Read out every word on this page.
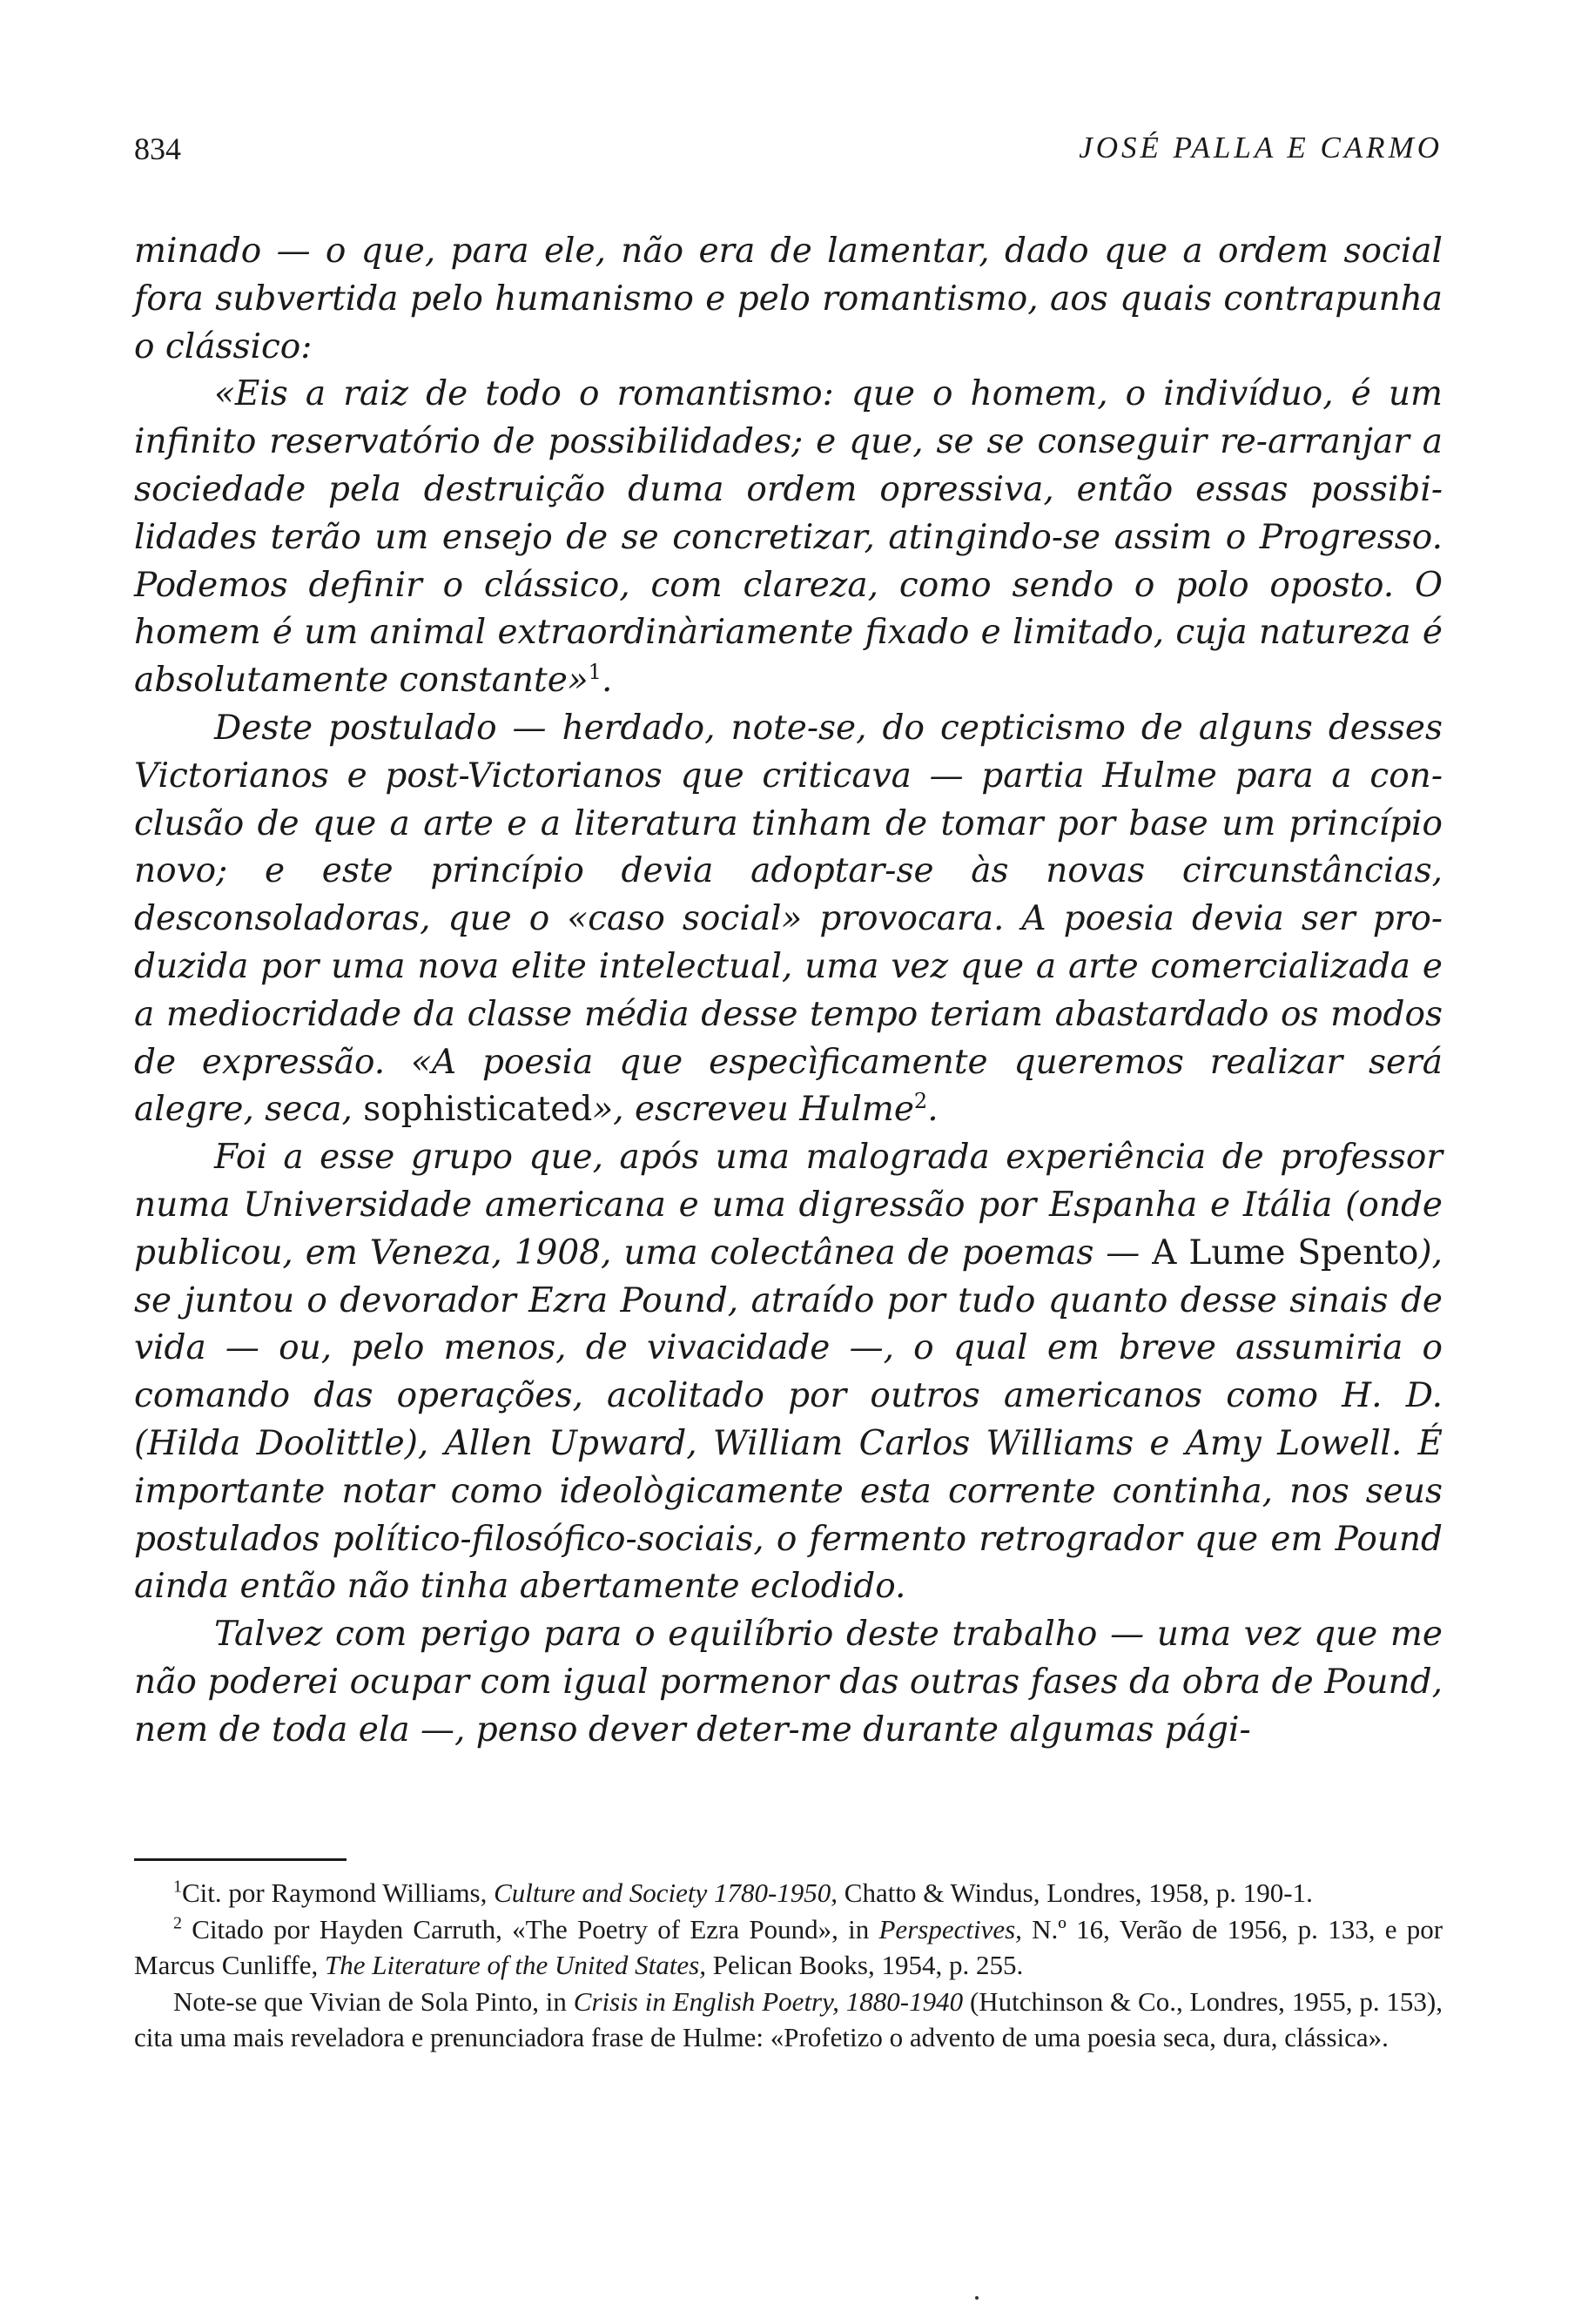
834	JOSÉ PALLA E CARMO

minado — o que, para ele, não era de lamentar, dado que a ordem social fora subvertida pelo humanismo e pelo romantismo, aos quais contrapunha o clássico:

«Eis a raiz de todo o romantismo: que o homem, o indivíduo, é um infinito reservatório de possibilidades; e que, se se conseguir re-arranjar a sociedade pela destruição duma ordem opressiva, então essas possibilidades terão um ensejo de se concretizar, atingindo-se assim o Progresso. Podemos definir o clássico, com clareza, como sendo o polo oposto. O homem é um animal extraordinàriamente fixado e limitado, cuja natureza é absolutamente constante»$^1$.

Deste postulado — herdado, note-se, do cepticismo de alguns desses Victorianos e post-Victorianos que criticava — partia Hulme para a conclusão de que a arte e a literatura tinham de tomar por base um princípio novo; e este princípio devia adoptar-se às novas circunstâncias, desconsoladoras, que o «caso social» provocara. A poesia devia ser produzida por uma nova elite intelectual, uma vez que a arte comercializada e a mediocridade da classe média desse tempo teriam abastardado os modos de expressão. «A poesia que especìficamente queremos realizar será alegre, seca, sophisticated», escreveu Hulme$^2$.

Foi a esse grupo que, após uma malograda experiência de professor numa Universidade americana e uma digressão por Espanha e Itália (onde publicou, em Veneza, 1908, uma colectânea de poemas — A Lume Spento), se juntou o devorador Ezra Pound, atraído por tudo quanto desse sinais de vida — ou, pelo menos, de vivacidade —, o qual em breve assumiria o comando das operações, acolitado por outros americanos como H. D. (Hilda Doolittle), Allen Upward, William Carlos Williams e Amy Lowell. É importante notar como ideològicamente esta corrente continha, nos seus postulados político-filosófico-sociais, o fermento retrogrador que em Pound ainda então não tinha abertamente eclodido.

Talvez com perigo para o equilíbrio deste trabalho — uma vez que me não poderei ocupar com igual pormenor das outras fases da obra de Pound, nem de toda ela —, penso dever deter-me durante algumas pági-

$^1$Cit. por Raymond Williams, Culture and Society 1780-1950, Chatto & Windus, Londres, 1958, p. 190-1.

$^2$ Citado por Hayden Carruth, «The Poetry of Ezra Pound», in Perspectives, N.º 16, Verão de 1956, p. 133, e por Marcus Cunliffe, The Literature of the United States, Pelican Books, 1954, p. 255.

Note-se que Vivian de Sola Pinto, in Crisis in English Poetry, 1880-1940 (Hutchinson & Co., Londres, 1955, p. 153), cita uma mais reveladora e prenunciadora frase de Hulme: «Profetizo o advento de uma poesia seca, dura, clássica».
